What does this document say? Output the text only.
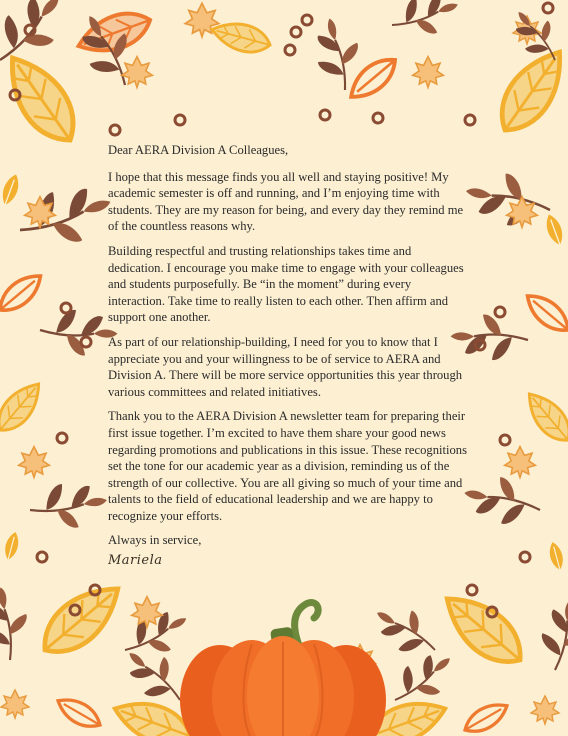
Dear AERA Division A Colleagues,

I hope that this message finds you all well and staying positive! My academic semester is off and running, and I’m enjoying time with students. They are my reason for being, and every day they remind me of the countless reasons why.

Building respectful and trusting relationships takes time and dedication. I encourage you make time to engage with your colleagues and students purposefully. Be “in the moment” during every interaction. Take time to really listen to each other. Then affirm and support one another.

As part of our relationship-building, I need for you to know that I appreciate you and your willingness to be of service to AERA and Division A. There will be more service opportunities this year through various committees and related initiatives.

Thank you to the AERA Division A newsletter team for preparing their first issue together. I’m excited to have them share your good news regarding promotions and publications in this issue. These recognitions set the tone for our academic year as a division, reminding us of the strength of our collective. You are all giving so much of your time and talents to the field of educational leadership and we are happy to recognize your efforts.

Always in service,

Mariela
